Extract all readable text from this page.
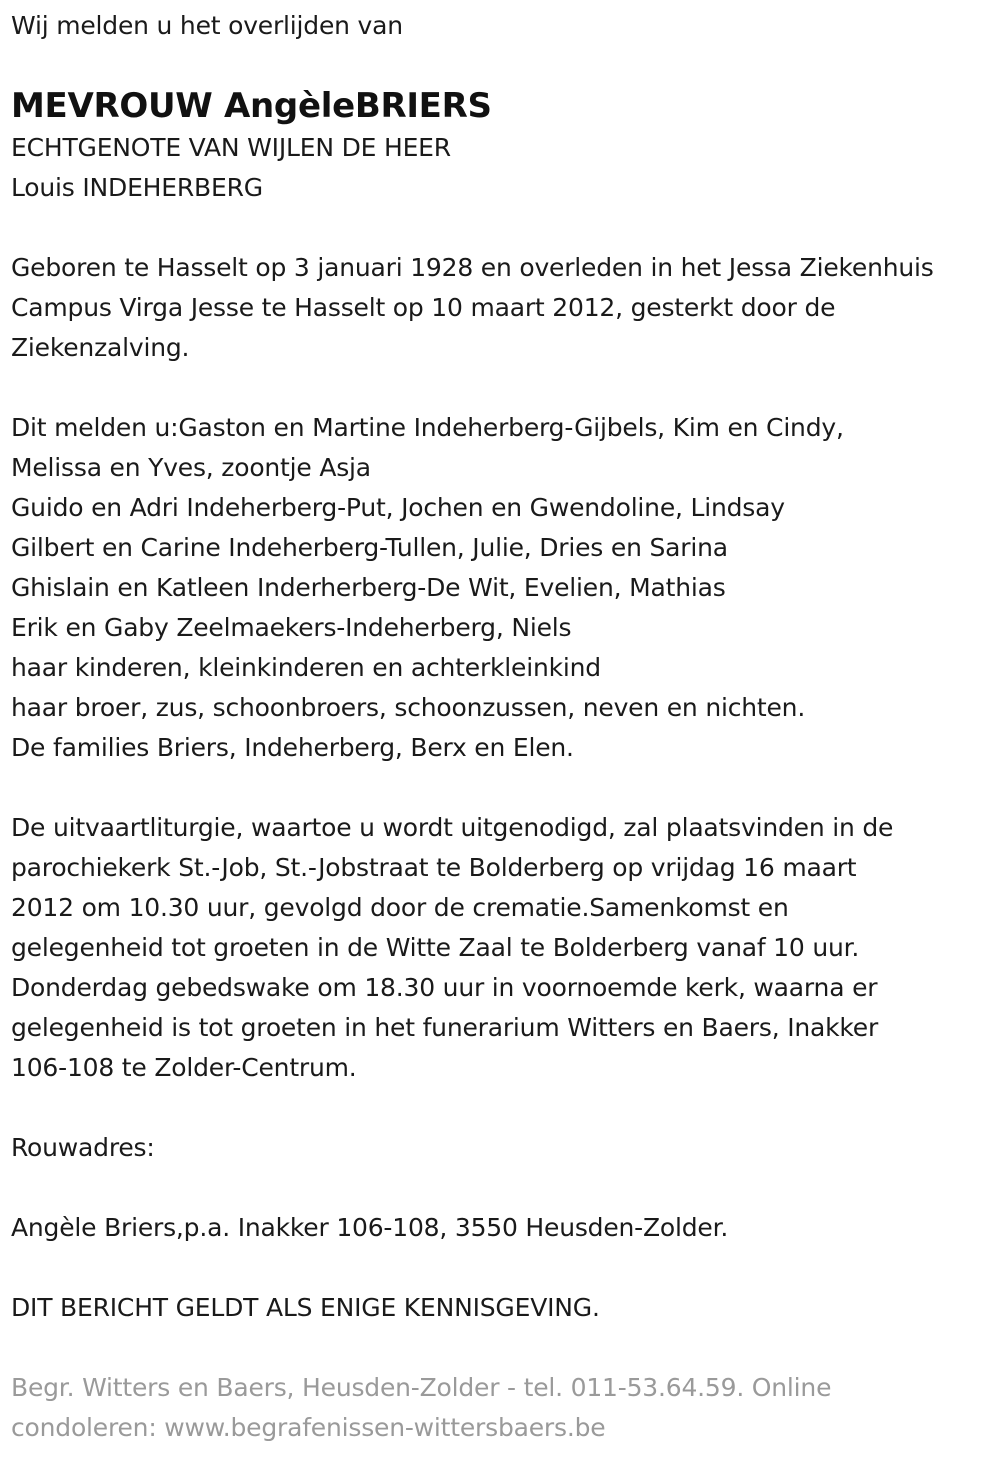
Wij melden u het overlijden van
MEVROUW AngèleBRIERS
ECHTGENOTE VAN WIJLEN DE HEER
Louis INDEHERBERG
Geboren te Hasselt op 3 januari 1928 en overleden in het Jessa Ziekenhuis
Campus Virga Jesse te Hasselt op 10 maart 2012, gesterkt door de
Ziekenzalving.
Dit melden u:Gaston en Martine Indeherberg-Gijbels, Kim en Cindy,
Melissa en Yves, zoontje Asja
Guido en Adri Indeherberg-Put, Jochen en Gwendoline, Lindsay
Gilbert en Carine Indeherberg-Tullen, Julie, Dries en Sarina
Ghislain en Katleen Inderherberg-De Wit, Evelien, Mathias
Erik en Gaby Zeelmaekers-Indeherberg, Niels
haar kinderen, kleinkinderen en achterkleinkind
haar broer, zus, schoonbroers, schoonzussen, neven en nichten.
De families Briers, Indeherberg, Berx en Elen.
De uitvaartliturgie, waartoe u wordt uitgenodigd, zal plaatsvinden in de
parochiekerk St.-Job, St.-Jobstraat te Bolderberg op vrijdag 16 maart
2012 om 10.30 uur, gevolgd door de crematie.Samenkomst en
gelegenheid tot groeten in de Witte Zaal te Bolderberg vanaf 10 uur.
Donderdag gebedswake om 18.30 uur in voornoemde kerk, waarna er
gelegenheid is tot groeten in het funerarium Witters en Baers, Inakker
106-108 te Zolder-Centrum.
Rouwadres:
Angèle Briers,p.a. Inakker 106-108, 3550 Heusden-Zolder.
DIT BERICHT GELDT ALS ENIGE KENNISGEVING.
Begr. Witters en Baers, Heusden-Zolder - tel. 011-53.64.59. Online
condoleren: www.begrafenissen-wittersbaers.be
